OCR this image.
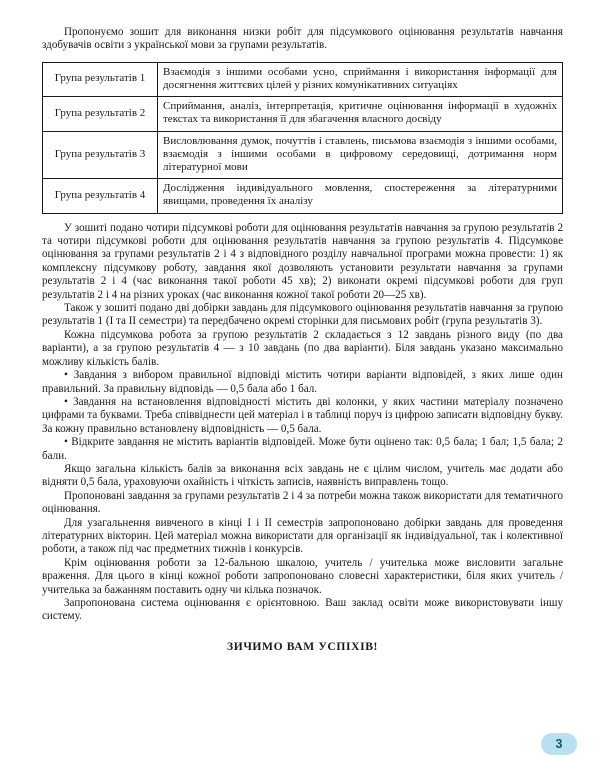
Пропонуємо зошит для виконання низки робіт для підсумкового оцінювання результатів навчання здобувачів освіти з української мови за групами результатів.

Група результатів 1	Взаємодія з іншими особами усно, сприймання і використання інформації для досягнення життєвих цілей у різних комунікативних ситуаціях
Група результатів 2	Сприймання, аналіз, інтерпретація, критичне оцінювання інформації в художніх текстах та використання її для збагачення власного досвіду
Група результатів 3	Висловлювання думок, почуттів і ставлень, письмова взаємодія з іншими особами, взаємодія з іншими особами в цифровому середовищі, дотримання норм літературної мови
Група результатів 4	Дослідження індивідуального мовлення, спостереження за літературними явищами, проведення їх аналізу

У зошиті подано чотири підсумкові роботи для оцінювання результатів навчання за групою результатів 2 та чотири підсумкові роботи для оцінювання результатів навчання за групою результатів 4. Підсумкове оцінювання за групами результатів 2 і 4 з відповідного розділу навчальної програми можна провести: 1) як комплексну підсумкову роботу, завдання якої дозволяють установити результати навчання за групами результатів 2 і 4 (час виконання такої роботи 45 хв); 2) виконати окремі підсумкові роботи для груп результатів 2 і 4 на різних уроках (час виконання кожної такої роботи 20—25 хв).

Також у зошиті подано дві добірки завдань для підсумкового оцінювання результатів навчання за групою результатів 1 (I та II семестри) та передбачено окремі сторінки для письмових робіт (група результатів 3).

Кожна підсумкова робота за групою результатів 2 складається з 12 завдань різного виду (по два варіанти), а за групою результатів 4 — з 10 завдань (по два варіанти). Біля завдань указано максимально можливу кількість балів.

• Завдання з вибором правильної відповіді містить чотири варіанти відповідей, з яких лише один правильний. За правильну відповідь — 0,5 бала або 1 бал.

• Завдання на встановлення відповідності містить дві колонки, у яких частини матеріалу позначено цифрами та буквами. Треба співвіднести цей матеріал і в таблиці поруч із цифрою записати відповідну букву. За кожну правильно встановлену відповідність — 0,5 бала.

• Відкрите завдання не містить варіантів відповідей. Може бути оцінено так: 0,5 бала; 1 бал; 1,5 бала; 2 бали.

Якщо загальна кількість балів за виконання всіх завдань не є цілим числом, учитель має додати або відняти 0,5 бала, ураховуючи охайність і чіткість записів, наявність виправлень тощо.

Пропоновані завдання за групами результатів 2 і 4 за потреби можна також використати для тематичного оцінювання.

Для узагальнення вивченого в кінці I і II семестрів запропоновано добірки завдань для проведення літературних вікторин. Цей матеріал можна використати для організації як індивідуальної, так і колективної роботи, а також під час предметних тижнів і конкурсів.

Крім оцінювання роботи за 12-бальною шкалою, учитель / учителька може висловити загальне враження. Для цього в кінці кожної роботи запропоновано словесні характеристики, біля яких учитель / учителька за бажанням поставить одну чи кілька позначок.

Запропонована система оцінювання є орієнтовною. Ваш заклад освіти може використовувати іншу систему.

ЗИЧИМО ВАМ УСПІХІВ!
3
